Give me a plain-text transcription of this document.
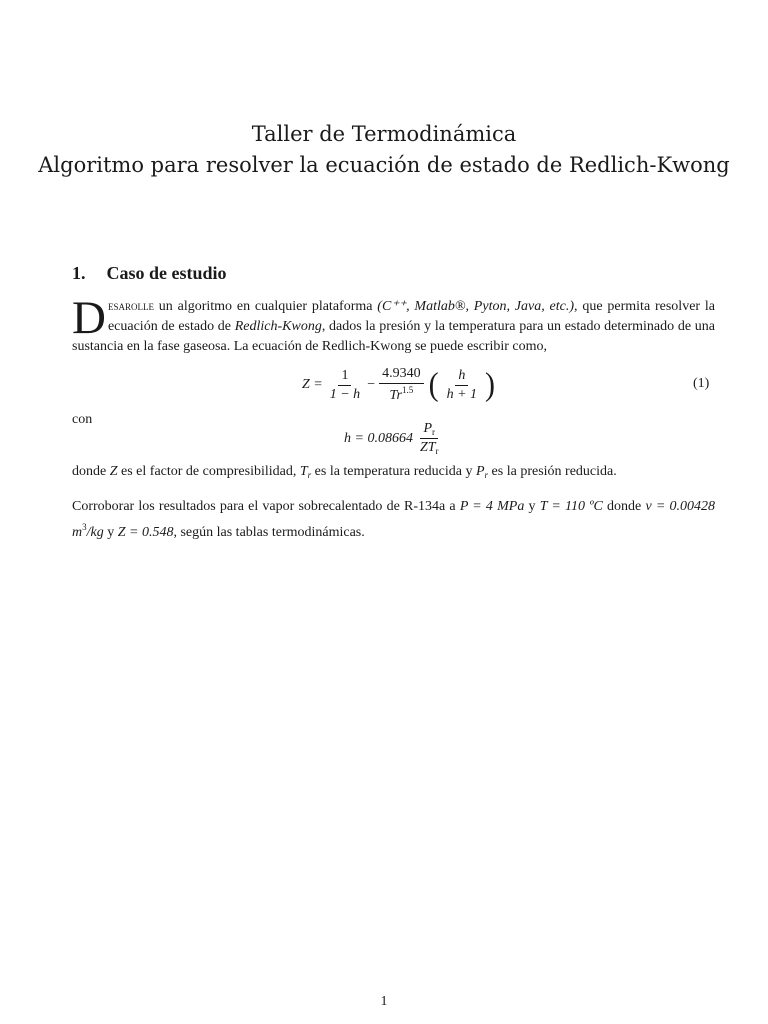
Taller de Termodinámica
Algoritmo para resolver la ecuación de estado de Redlich-Kwong
1. Caso de estudio
D esarolle un algoritmo en cualquier plataforma (C⁺⁺, Matlab®, Pyton, Java, etc.), que permita resolver la ecuación de estado de Redlich-Kwong, dados la presión y la temperatura para un estado determinado de una sustancia en la fase gaseosa. La ecuación de Redlich-Kwong se puede escribir como,
$Z = \frac{1}{1 - h} - \frac{4.9340}{Tr^{1.5}}$ ( $\frac{h}{h + 1}$ )	(1)
con
$h = 0.08664 \frac{P_r}{ZT_r}$
donde Z es el factor de compresibilidad, $T_r$ es la temperatura reducida y $P_r$ es la presión reducida.
Corroborar los resultados para el vapor sobrecalentado de R-134a a P = 4 MPa y T = 110 ºC donde v = 0.00428 $m^3/kg$ y Z = 0.548, según las tablas termodinámicas.
1
